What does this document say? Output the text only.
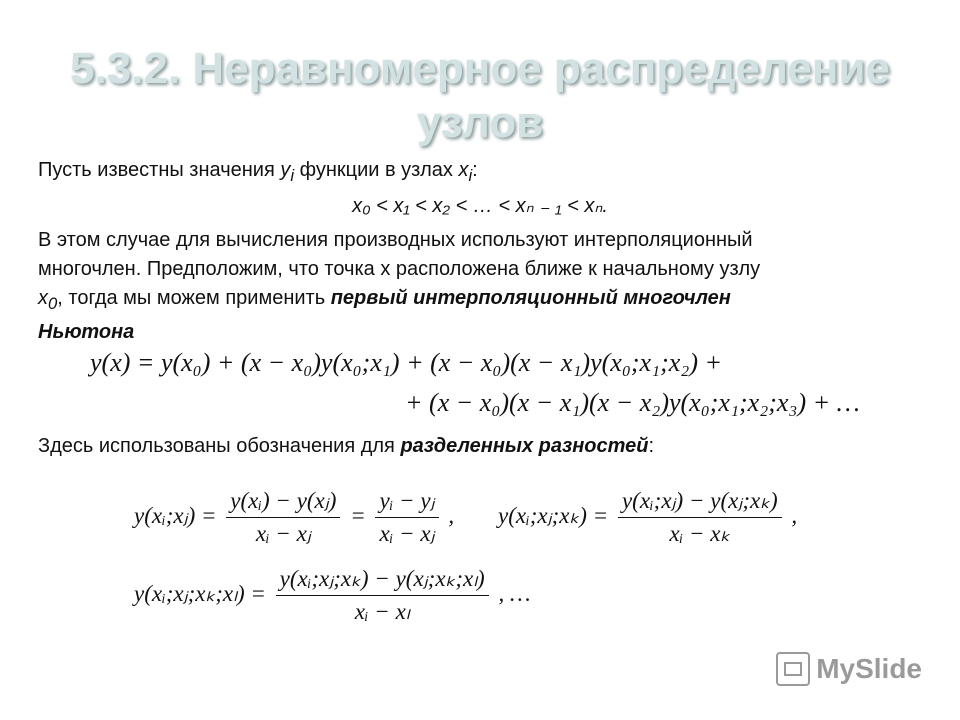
5.3.2. Неравномерное распределение
узлов
Пусть известны значения $y_i$ функции в узлах $x_i$:
x₀ < x₁ < x₂ < … < xₙ ₋ ₁ < xₙ.
В этом случае для вычисления производных используют интерполяционный
многочлен. Предположим, что точка x расположена ближе к начальному узлу
$x_0$, тогда мы можем применить первый интерполяционный многочлен
Ньютона
y(x) = y(x₀) + (x − x₀)y(x₀;x₁) + (x − x₀)(x − x₁)y(x₀;x₁;x₂) +
+ (x − x₀)(x − x₁)(x − x₂)y(x₀;x₁;x₂;x₃) + …
Здесь использованы обозначения для разделенных разностей:
y(xᵢ;xⱼ) = $\frac{\text{y(xᵢ) − y(xⱼ)}}{\text{xᵢ − xⱼ}} = \frac{\text{yᵢ − yⱼ}}{\text{xᵢ − xⱼ}}$ , y(xᵢ;xⱼ;xₖ) = $\frac{\text{y(xᵢ;xⱼ) − y(xⱼ;xₖ)}}{\text{xᵢ − xₖ}}$ ,
y(xᵢ;xⱼ;xₖ;xₗ) = $\frac{\text{y(xᵢ;xⱼ;xₖ) − y(xⱼ;xₖ;xₗ)}}{\text{xᵢ − xₗ}}$ , …
MySlide
